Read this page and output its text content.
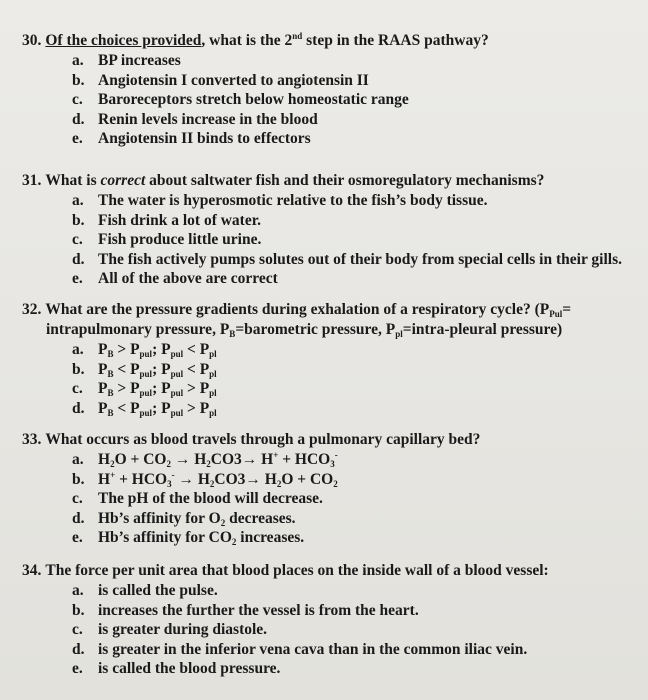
30. Of the choices provided, what is the 2nd step in the RAAS pathway?
a. BP increases
b. Angiotensin I converted to angiotensin II
c. Baroreceptors stretch below homeostatic range
d. Renin levels increase in the blood
e. Angiotensin II binds to effectors
31. What is correct about saltwater fish and their osmoregulatory mechanisms?
a. The water is hyperosmotic relative to the fish’s body tissue.
b. Fish drink a lot of water.
c. Fish produce little urine.
d. The fish actively pumps solutes out of their body from special cells in their gills.
e. All of the above are correct
32. What are the pressure gradients during exhalation of a respiratory cycle? ($P_{Pul}=$
intrapulmonary pressure, $P_B=barometric$ pressure, $P_{pl}=intra$-pleural pressure)
a. $P_B > P_{pul}$; $P_{pul} < P_{pl}$
b. $P_B < P_{pul}$; $P_{pul} < P_{pl}$
c. $P_B > P_{pul}$; $P_{pul} > P_{pl}$
d. $P_B < P_{pul}$; $P_{pul} > P_{pl}$
33. What occurs as blood travels through a pulmonary capillary bed?
a. $H_2O + CO_2 \to H_2CO3\to H^+ + HCO_3^-$
b. $H^+ + HCO_3^- \to H_2CO3\to H_2O + CO_2$
c. The pH of the blood will decrease.
d. Hb’s affinity for $O_2$ decreases.
e. Hb’s affinity for $CO_2$ increases.
34. The force per unit area that blood places on the inside wall of a blood vessel:
a. is called the pulse.
b. increases the further the vessel is from the heart.
c. is greater during diastole.
d. is greater in the inferior vena cava than in the common iliac vein.
e. is called the blood pressure.
